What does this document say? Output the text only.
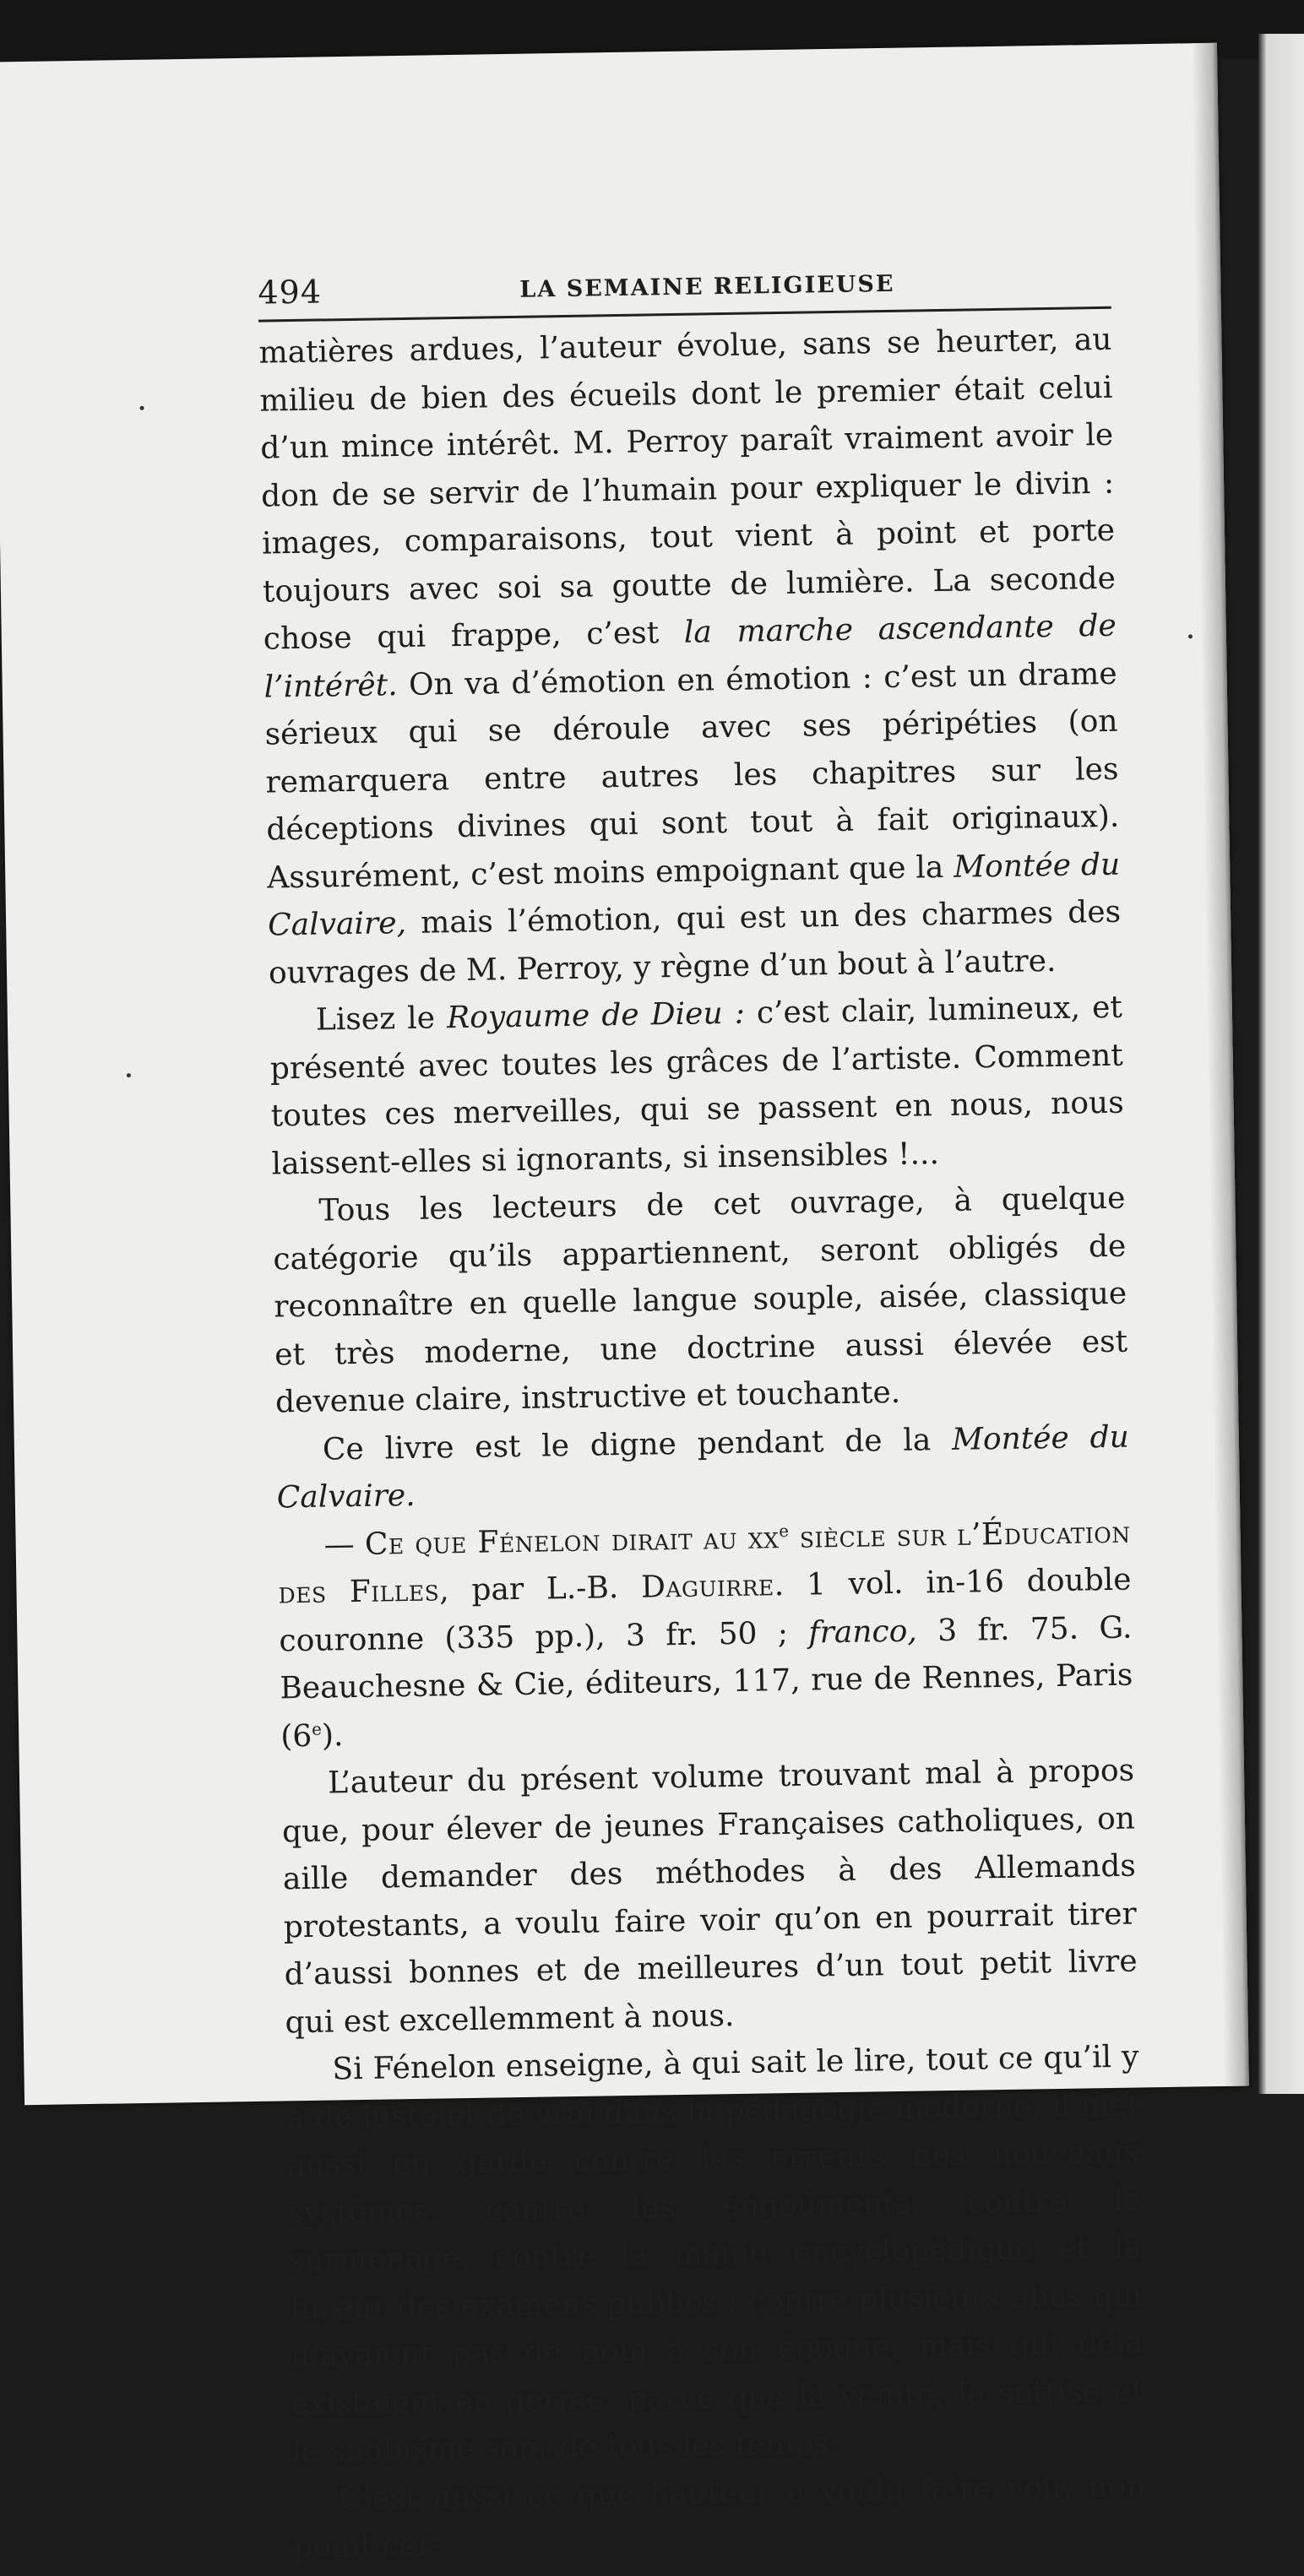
494	LA SEMAINE RELIGIEUSE

matières ardues, l’auteur évolue, sans se heurter, au milieu de bien des écueils dont le premier était celui d’un mince intérêt. M. Perroy paraît vraiment avoir le don de se servir de l’humain pour expliquer le divin : images, comparaisons, tout vient à point et porte toujours avec soi sa goutte de lumière. La seconde chose qui frappe, c’est la marche ascendante de l’intérêt. On va d’émotion en émotion : c’est un drame sérieux qui se déroule avec ses péripéties (on remarquera entre autres les chapitres sur les déceptions divines qui sont tout à fait originaux). Assurément, c’est moins empoignant que la Montée du Calvaire, mais l’émotion, qui est un des charmes des ouvrages de M. Perroy, y règne d’un bout à l’autre.

Lisez le Royaume de Dieu : c’est clair, lumineux, et présenté avec toutes les grâces de l’artiste. Comment toutes ces merveilles, qui se passent en nous, nous laissent-elles si ignorants, si insensibles !...

Tous les lecteurs de cet ouvrage, à quelque catégorie qu’ils appartiennent, seront obligés de reconnaître en quelle langue souple, aisée, classique et très moderne, une doctrine aussi élevée est devenue claire, instructive et touchante.

Ce livre est le digne pendant de la Montée du Calvaire.

— Ce que Fénelon dirait au $xx^e$ siècle sur l’Éducation des Filles, par L.-B. Daguirre. 1 vol. in-16 double couronne (335 pp.), 3 fr. 50 ; franco, 3 fr. 75. G. Beauchesne & Cie, éditeurs, 117, rue de Rennes, Paris (6e).

L’auteur du présent volume trouvant mal à propos que, pour élever de jeunes Françaises catholiques, on aille demander des méthodes à des Allemands protestants, a voulu faire voir qu’on en pourrait tirer d’aussi bonnes et de meilleures d’un tout petit livre qui est excellemment à nous.

Si Fénelon enseigne, à qui sait le lire, tout ce qu’il y a de juste et de vrai dans la pédagogie moderne, il met aussi en garde contre les erreurs des nouveaux systèmes, contre les engoûments, contre le surmenage, contre la manie encyclopédique et la fureur des examens publics ; contre plusieurs abus qui n’avaient pas de nom à son époque, mais qui déjà existaient en germe, parce que la vanité, la sottise et le snobisme sont de tous les temps.

C’est aussi ce que l’auteur a voulu faire voir, non point cer-
